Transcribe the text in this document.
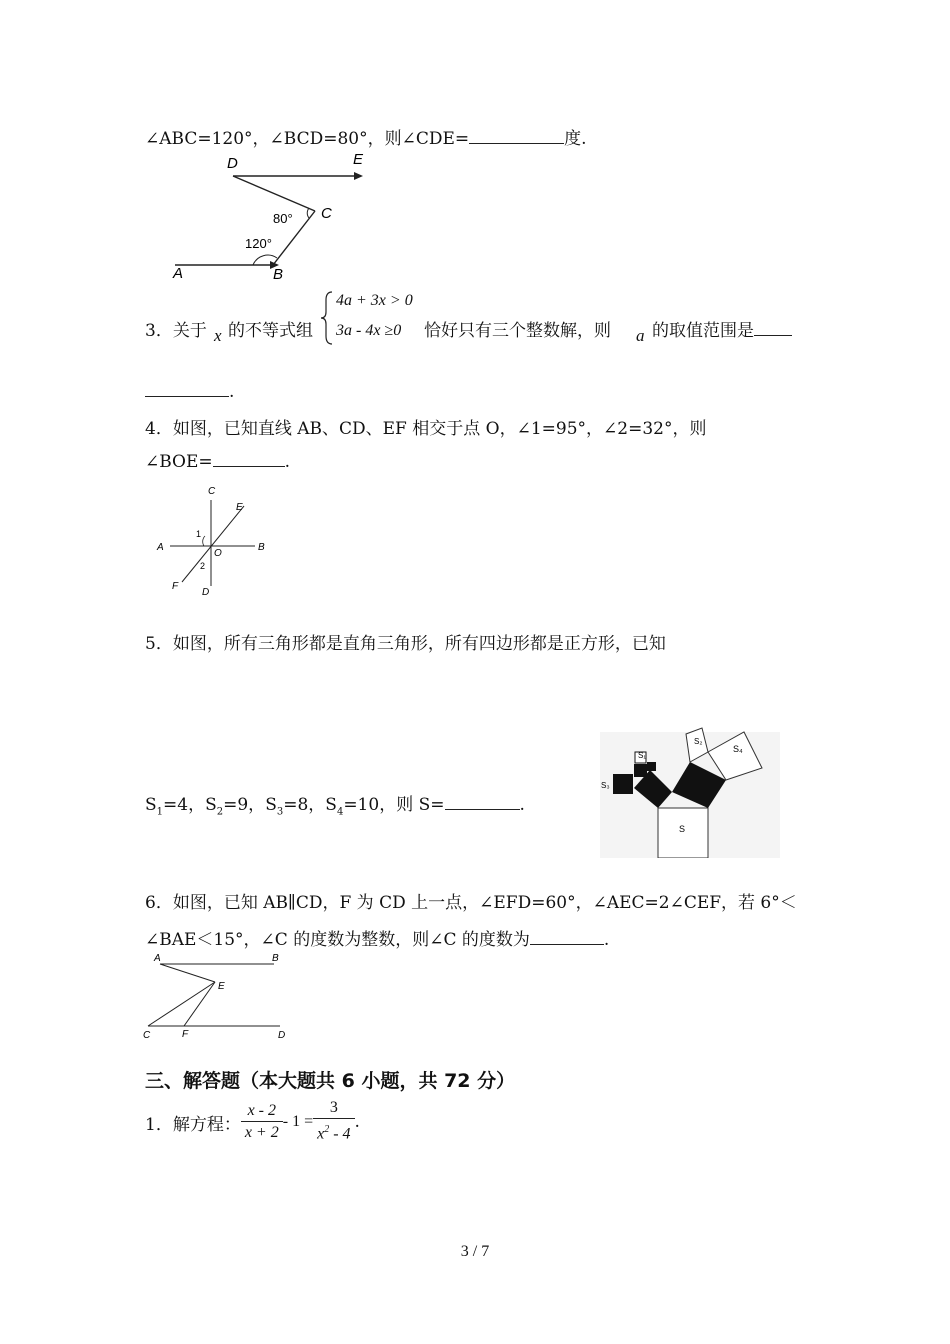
∠ABC=120°，∠BCD=80°，则∠CDE=	度.
D	E
C
80°
120°
A	B
3．关于 x 的不等式组
4a + 3x > 0
3a - 4x ≥0 恰好只有三个整数解，则 a 的取值范围是
.
4．如图，已知直线 AB、CD、EF 相交于点 O，∠1=95°，∠2=32°，则
∠BOE=	.
C
E
A	B
O
1
2
F
D
5．如图，所有三角形都是直角三角形，所有四边形都是正方形，已知
$S_1=4$，$S_2=9$，$S_3=8$，$S_4=10$，则 S=	.
S₁
S₃
S₂
S₄
S
6．如图，已知 AB∥CD，F 为 CD 上一点，∠EFD=60°，∠AEC=2∠CEF，若 6°＜
∠BAE＜15°，∠C 的度数为整数，则∠C 的度数为	.
A	B
E
C	F	D
三、解答题（本大题共 6 小题，共 72 分）
1．解方程： $\frac{x - 2}{x + 2} - 1 = \frac{3}{x^2 - 4}$ .
3 / 7
